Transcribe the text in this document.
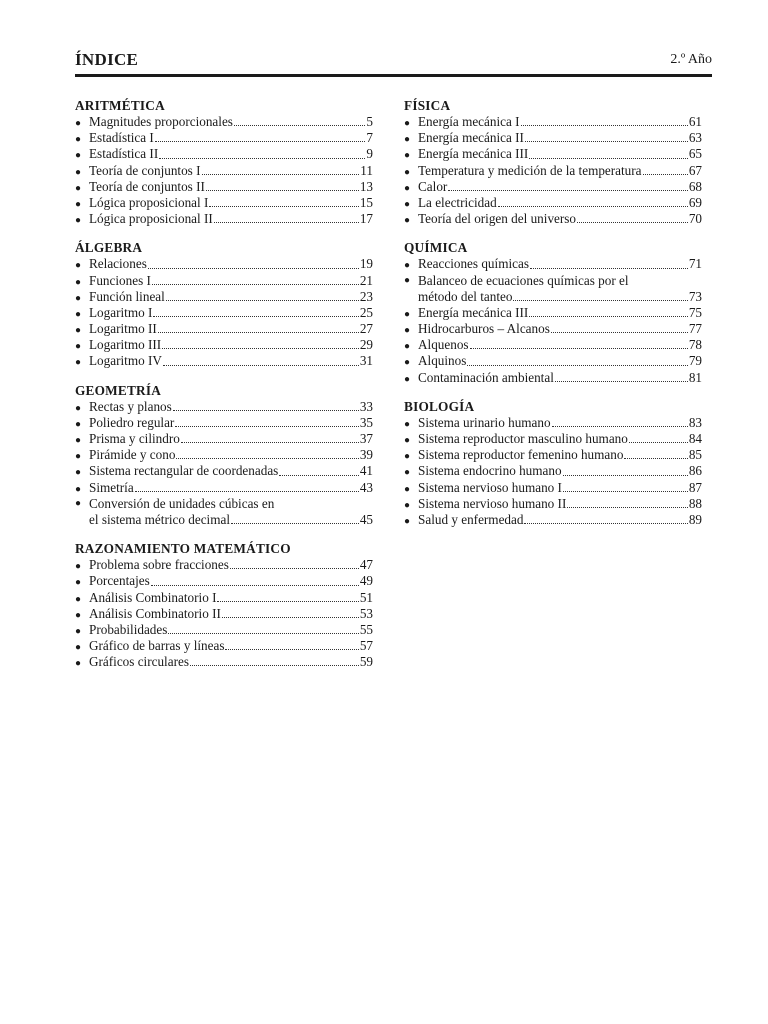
ÍNDICE	2.º Año
ARITMÉTICA
● Magnitudes proporcionales	5
● Estadística I	7
● Estadística II	9
● Teoría de conjuntos I	11
● Teoría de conjuntos II	13
● Lógica proposicional I	15
● Lógica proposicional II	17
ÁLGEBRA
● Relaciones	19
● Funciones I	21
● Función lineal	23
● Logaritmo I	25
● Logaritmo II	27
● Logaritmo III	29
● Logaritmo IV	31
GEOMETRÍA
● Rectas y planos	33
● Poliedro regular	35
● Prisma y cilindro	37
● Pirámide y cono	39
● Sistema rectangular de coordenadas	41
● Simetría	43
● Conversión de unidades cúbicas en
el sistema métrico decimal	45
RAZONAMIENTO MATEMÁTICO
● Problema sobre fracciones	47
● Porcentajes	49
● Análisis Combinatorio I	51
● Análisis Combinatorio II	53
● Probabilidades	55
● Gráfico de barras y líneas	57
● Gráficos circulares	59
FÍSICA
● Energía mecánica I	61
● Energía mecánica II	63
● Energía mecánica III	65
● Temperatura y medición de la temperatura	67
● Calor	68
● La electricidad	69
● Teoría del origen del universo	70
QUÍMICA
● Reacciones químicas	71
● Balanceo de ecuaciones químicas por el
método del tanteo	73
● Energía mecánica III	75
● Hidrocarburos – Alcanos	77
● Alquenos	78
● Alquinos	79
● Contaminación ambiental	81
BIOLOGÍA
● Sistema urinario humano	83
● Sistema reproductor masculino humano	84
● Sistema reproductor femenino humano	85
● Sistema endocrino humano	86
● Sistema nervioso humano I	87
● Sistema nervioso humano II	88
● Salud y enfermedad	89
